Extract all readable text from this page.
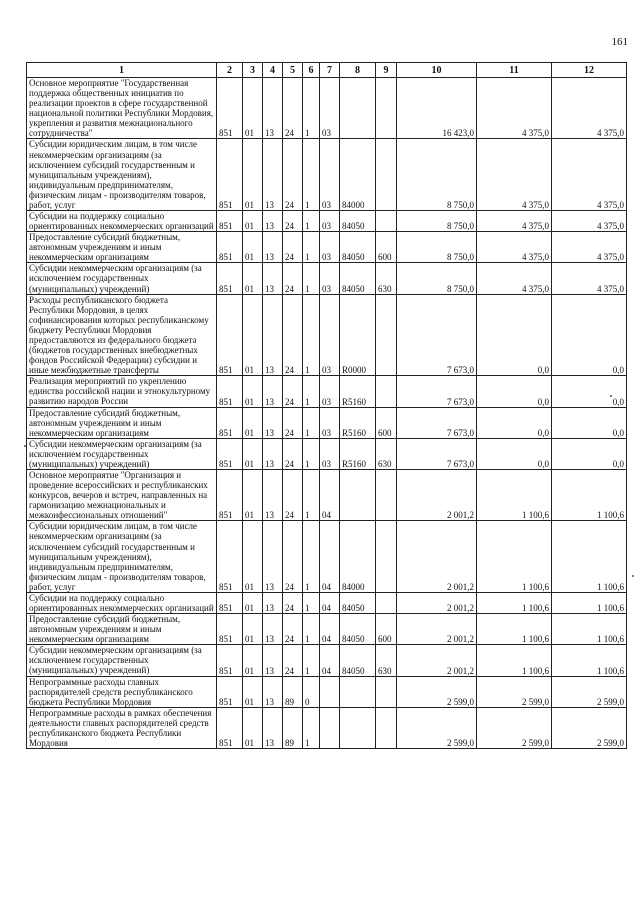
161
1	2	3	4	5	6	7	8	9	10	11	12
Основное мероприятие "Государственная поддержка общественных инициатив по реализации проектов в сфере государственной национальной политики Республики Мордовия, укрепления и развития межнационального сотрудничества"	851	01	13	24	1	03			16 423,0	4 375,0	4 375,0
Субсидии юридическим лицам, в том числе некоммерческим организациям (за исключением субсидий государственным и муниципальным учреждениям), индивидуальным предпринимателям, физическим лицам - производителям товаров, работ, услуг	851	01	13	24	1	03	84000		8 750,0	4 375,0	4 375,0
Субсидии на поддержку социально ориентированных некоммерческих организаций	851	01	13	24	1	03	84050		8 750,0	4 375,0	4 375,0
Предоставление субсидий бюджетным, автономным учреждениям и иным некоммерческим организациям	851	01	13	24	1	03	84050	600	8 750,0	4 375,0	4 375,0
Субсидии некоммерческим организациям (за исключением государственных (муниципальных) учреждений)	851	01	13	24	1	03	84050	630	8 750,0	4 375,0	4 375,0
Расходы республиканского бюджета Республики Мордовия, в целях софинансирования которых республиканскому бюджету Республики Мордовия предоставляются из федерального бюджета (бюджетов государственных внебюджетных фондов Российской Федерации) субсидии и иные межбюджетные трансферты	851	01	13	24	1	03	R0000		7 673,0	0,0	0,0
Реализация мероприятий по укреплению единства российской нации и этнокультурному развитию народов России	851	01	13	24	1	03	R5160		7 673,0	0,0	0,0
Предоставление субсидий бюджетным, автономным учреждениям и иным некоммерческим организациям	851	01	13	24	1	03	R5160	600	7 673,0	0,0	0,0
Субсидии некоммерческим организациям (за исключением государственных (муниципальных) учреждений)	851	01	13	24	1	03	R5160	630	7 673,0	0,0	0,0
Основное мероприятие "Организация и проведение всероссийских и республиканских конкурсов, вечеров и встреч, направленных на гармонизацию межнациональных и межконфессиональных отношений"	851	01	13	24	1	04			2 001,2	1 100,6	1 100,6
Субсидии юридическим лицам, в том числе некоммерческим организациям (за исключением субсидий государственным и муниципальным учреждениям), индивидуальным предпринимателям, физическим лицам - производителям товаров, работ, услуг	851	01	13	24	1	04	84000		2 001,2	1 100,6	1 100,6
Субсидии на поддержку социально ориентированных некоммерческих организаций	851	01	13	24	1	04	84050		2 001,2	1 100,6	1 100,6
Предоставление субсидий бюджетным, автономным учреждениям и иным некоммерческим организациям	851	01	13	24	1	04	84050	600	2 001,2	1 100,6	1 100,6
Субсидии некоммерческим организациям (за исключением государственных (муниципальных) учреждений)	851	01	13	24	1	04	84050	630	2 001,2	1 100,6	1 100,6
Непрограммные расходы главных распорядителей средств республиканского бюджета Республики Мордовия	851	01	13	89	0				2 599,0	2 599,0	2 599,0
Непрограммные расходы в рамках обеспечения деятельности главных распорядителей средств республиканского бюджета Республики Мордовия	851	01	13	89	1				2 599,0	2 599,0	2 599,0
